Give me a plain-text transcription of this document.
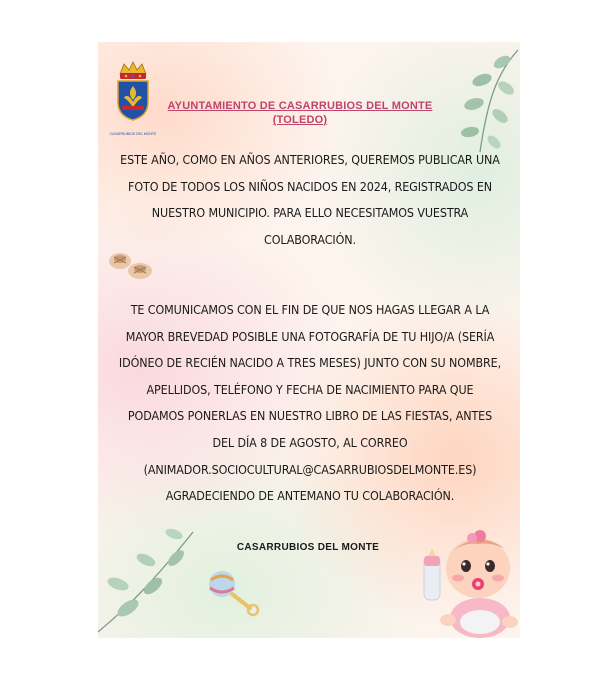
CASARRUBIOS DEL MONTE
AYUNTAMIENTO DE CASARRUBIOS DEL MONTE
(TOLEDO)
ESTE AÑO, COMO EN AÑOS ANTERIORES, QUEREMOS PUBLICAR UNA
FOTO DE TODOS LOS NIÑOS NACIDOS EN 2024, REGISTRADOS EN
NUESTRO MUNICIPIO. PARA ELLO NECESITAMOS VUESTRA
COLABORACIÓN.
TE COMUNICAMOS CON EL FIN DE QUE NOS HAGAS LLEGAR A LA
MAYOR BREVEDAD POSIBLE UNA FOTOGRAFÍA DE TU HIJO/A (SERÍA
IDÓNEO DE RECIÉN NACIDO A TRES MESES) JUNTO CON SU NOMBRE,
APELLIDOS, TELÉFONO Y FECHA DE NACIMIENTO PARA QUE
PODAMOS PONERLAS EN NUESTRO LIBRO DE LAS FIESTAS, ANTES
DEL DÍA 8 DE AGOSTO, AL CORREO
(ANIMADOR.SOCIOCULTURAL@CASARRUBIOSDELMONTE.ES)
AGRADECIENDO DE ANTEMANO TU COLABORACIÓN.
CASARRUBIOS DEL MONTE
